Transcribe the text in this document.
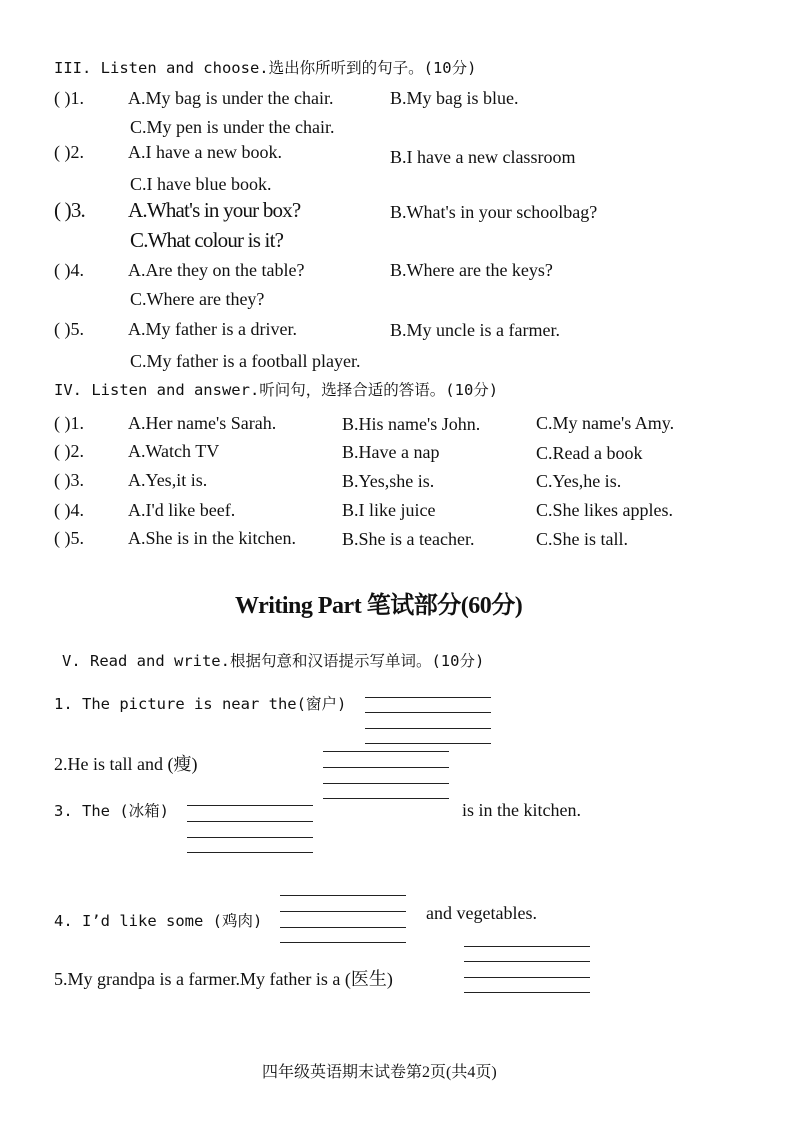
III. Listen and choose.选出你所听到的句子。(10分)
( )1. A.My bag is under the chair.	B.My bag is blue.
C.My pen is under the chair.
( )2. A.I have a new book.	B.I have a new classroom
C.I have blue book.
( )3. A.What's in your box?	B.What's in your schoolbag?
C.What colour is it?
( )4. A.Are they on the table?	B.Where are the keys?
C.Where are they?
( )5. A.My father is a driver.	B.My uncle is a farmer.
C.My father is a football player.
IV. Listen and answer.听问句，选择合适的答语。(10分)
( )1. A.Her name's Sarah.	B.His name's John.	C.My name's Amy.
( )2. A.Watch TV	B.Have a nap	C.Read a book
( )3. A.Yes,it is.	B.Yes,she is.	C.Yes,he is.
( )4. A.I'd like beef.	B.I like juice	C.She likes apples.
( )5. A.She is in the kitchen.	B.She is a teacher.	C.She is tall.
Writing Part 笔试部分(60分)
V. Read and write.根据句意和汉语提示写单词。(10分)
1. The picture is near the(窗户)
2.He is tall and (瘦)
3. The (冰箱)	is in the kitchen.
4. I’d like some (鸡肉)	and vegetables.
5.My grandpa is a farmer.My father is a (医生)
四年级英语期末试卷第2页(共4页)
